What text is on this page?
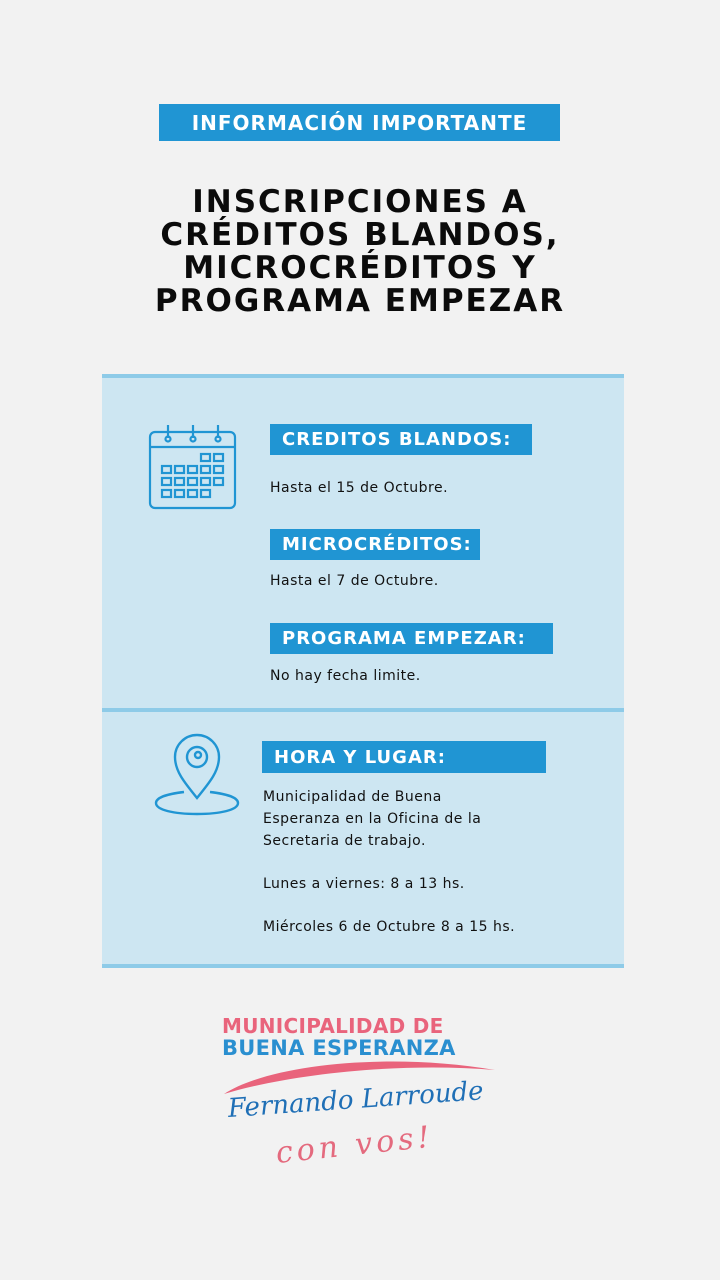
INFORMACIÓN IMPORTANTE
INSCRIPCIONES A
CRÉDITOS BLANDOS,
MICROCRÉDITOS Y
PROGRAMA EMPEZAR
CREDITOS BLANDOS:
Hasta el 15 de Octubre.
MICROCRÉDITOS:
Hasta el 7 de Octubre.
PROGRAMA EMPEZAR:
No hay fecha limite.
HORA Y LUGAR:
Municipalidad de Buena
Esperanza en la Oficina de la
Secretaria de trabajo.
Lunes a viernes: 8 a 13 hs.
Miércoles 6 de Octubre 8 a 15 hs.
MUNICIPALIDAD DE
BUENA ESPERANZA
Fernando Larroude
con vos!
